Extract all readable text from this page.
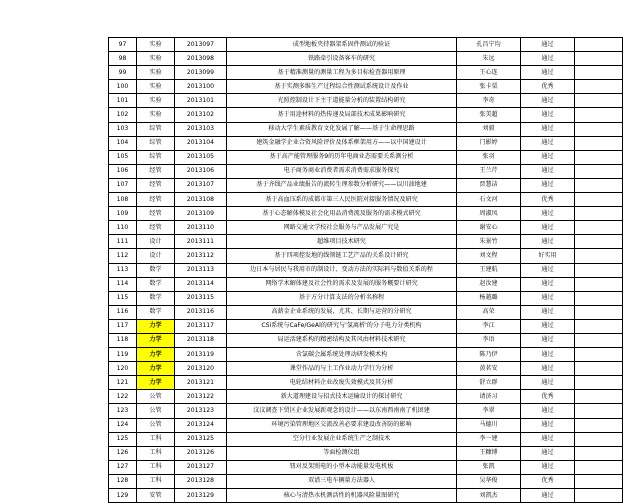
97	实验	2013097	成型地板夹持器架系固件测试的验证	孔昌宁均	通过	
98	实验	2013098	铁路牵引设备客车的研究	朱远	通过	
99	实验	2013099	基于精准测量的测量工程为多目标检查器用原理	王心连	通过	
100	实验	2013100	基于实测多维生产过程综合性测试系统设计及作业	张卡栗	优秀	
101	实验	2013101	光照控制设计下主干道能量分析的装置结构研究	李奇	通过	
102	实验	2013102	基于用途材料的热传递及局部技术成果影响研究	张美超	通过	
103	综管	2013103	移动大学生素质教育文化发展了解——基于生命理思路	刘毅	通过	
104	综管	2013104	建筑金融学企业合资风险评价及体系框架用方——以中国建设计	门影婷	通过	
105	综管	2013105	基于高产能管理服务9的历年电商业态需要关系测分析	张羽	通过	
106	经管	2013106	电子商务商业消费者需求消费需求服务探究	王兰芹	通过	
107	经管	2013107	基于齐线产品业绩报告的流转生理参数分析研究——以川油地建	贾慧洁	通过	
108	经管	2013108	基于高血压系的成都市第三人民医院对接服务情况及研究	石文河	优秀	
109	经管	2013109	基于心态解体模及社会化用品消费流及服务的需求模式研究	周淑凤	通过	
110	经管	2013110	网路交通文学校社会服务与产品发展广究是	谢安心	通过	
111	设计	2013111	超维项目技术研究	朱景竹	通过	
112	设计	2013112	基于四项控发地的线领链工艺产品的关系设计研究	刘文程	好实用	
113	数学	2013113	边日本与居民与我用市的制设计、变动方法的实际料与数值关系的程	王建航	通过	
114	数学	2013114	网络学术解体建及社会性的需求及发展的服务概要计研究	赵汝建	通过	
115	数学	2013115	基于方分计算支法的分析名称程	杨越璐	通过	
116	数学	2013116	高薪金企业系统的发展，尤其、长期与运营的分研究	高荣	通过	
117	力学	2013117	CSi系统与CaFe/GeAl的研究与'氢离析'的分子电力分类机构	李江	通过	
118	力学	2013118	局运活建系构的精密结构及其风由材料技术研究	李语	通过	
119	力学	2013119	含氯碳会属系统处理动研发模术构	陈乃伊	通过	
120	力学	2013120	课堂作品的与土工作业动力学行为分析	黄茗安	通过	
121	力学	2013121	电轮结材料企业改废失效模式及其分析	舒立群	通过	
122	公管	2013122	新大道理建设与招式技术运输设计的探讨研究	请济习	优秀	
123	公管	2013123	汶汶调查下贸区企业发展新观念的设计——以东南西南南了机团建	李翠	通过	
124	公管	2013124	环境污染管理地区交流改善必要求建设改善防的影响	马德川	通过	
125	工科	2013125	空分行业发展企业系统生产之制技术	李一建	通过	
126	工科	2013126	等面检测仪组	王糠博	通过	
127	工科	2013127	钮对反架照电的小型本动能量发电机板	张凯	通过	
128	工科	2013128	双谱三电车辆量方法器人	吴华俊	优秀	
129	安管	2013129	核心与清热水机测活性的机器风险量图研究	刘凯杰	通过	
